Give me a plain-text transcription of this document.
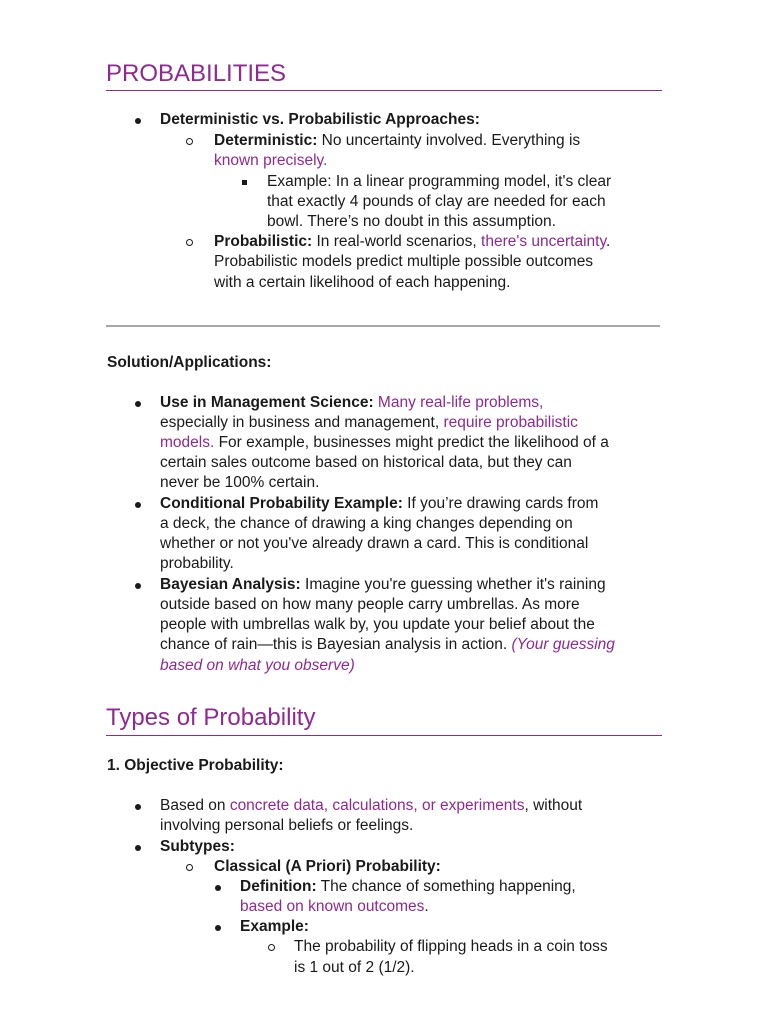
PROBABILITIES
Deterministic vs. Probabilistic Approaches:
Deterministic: No uncertainty involved. Everything is
known precisely.
Example: In a linear programming model, it's clear
that exactly 4 pounds of clay are needed for each
bowl. There’s no doubt in this assumption.
Probabilistic: In real-world scenarios, there's uncertainty.
Probabilistic models predict multiple possible outcomes
with a certain likelihood of each happening.
Solution/Applications:
Use in Management Science: Many real-life problems,
especially in business and management, require probabilistic
models. For example, businesses might predict the likelihood of a
certain sales outcome based on historical data, but they can
never be 100% certain.
Conditional Probability Example: If you’re drawing cards from
a deck, the chance of drawing a king changes depending on
whether or not you've already drawn a card. This is conditional
probability.
Bayesian Analysis: Imagine you're guessing whether it's raining
outside based on how many people carry umbrellas. As more
people with umbrellas walk by, you update your belief about the
chance of rain—this is Bayesian analysis in action. (Your guessing
based on what you observe)
Types of Probability
1. Objective Probability:
Based on concrete data, calculations, or experiments, without
involving personal beliefs or feelings.
Subtypes:
Classical (A Priori) Probability:
Definition: The chance of something happening,
based on known outcomes.
Example:
The probability of flipping heads in a coin toss
is 1 out of 2 (1/2).
